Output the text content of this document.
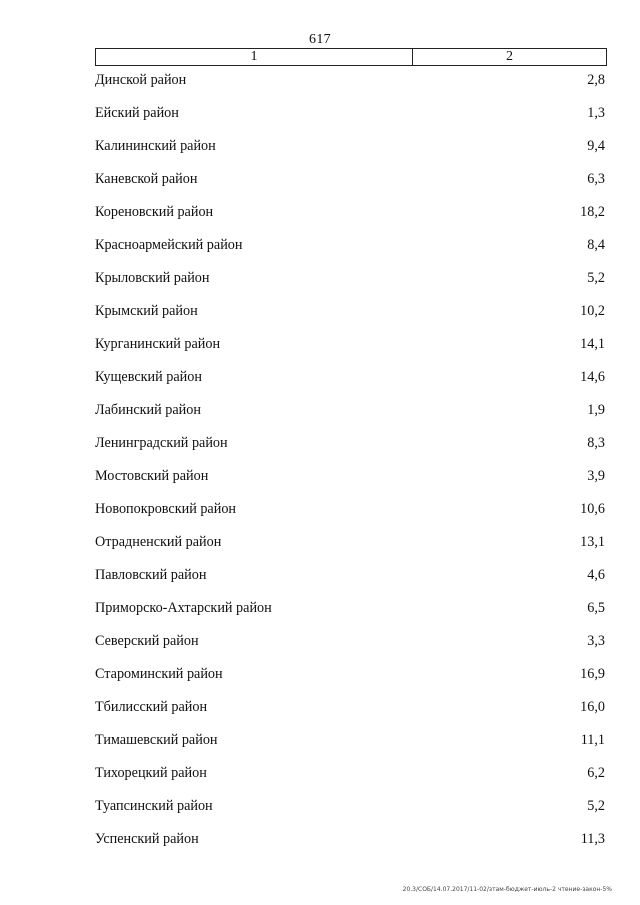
617
1	2
Динской район	2,8
Ейский район	1,3
Калининский район	9,4
Каневской район	6,3
Кореновский район	18,2
Красноармейский район	8,4
Крыловский район	5,2
Крымский район	10,2
Курганинский район	14,1
Кущевский район	14,6
Лабинский район	1,9
Ленинградский район	8,3
Мостовский район	3,9
Новопокровский район	10,6
Отрадненский район	13,1
Павловский район	4,6
Приморско-Ахтарский район	6,5
Северский район	3,3
Староминский район	16,9
Тбилисский район	16,0
Тимашевский район	11,1
Тихорецкий район	6,2
Туапсинский район	5,2
Успенский район	11,3
20.3/СОБ/14.07.2017/11-02/зтам-бюджет-июль-2 чтение-закон-5%
